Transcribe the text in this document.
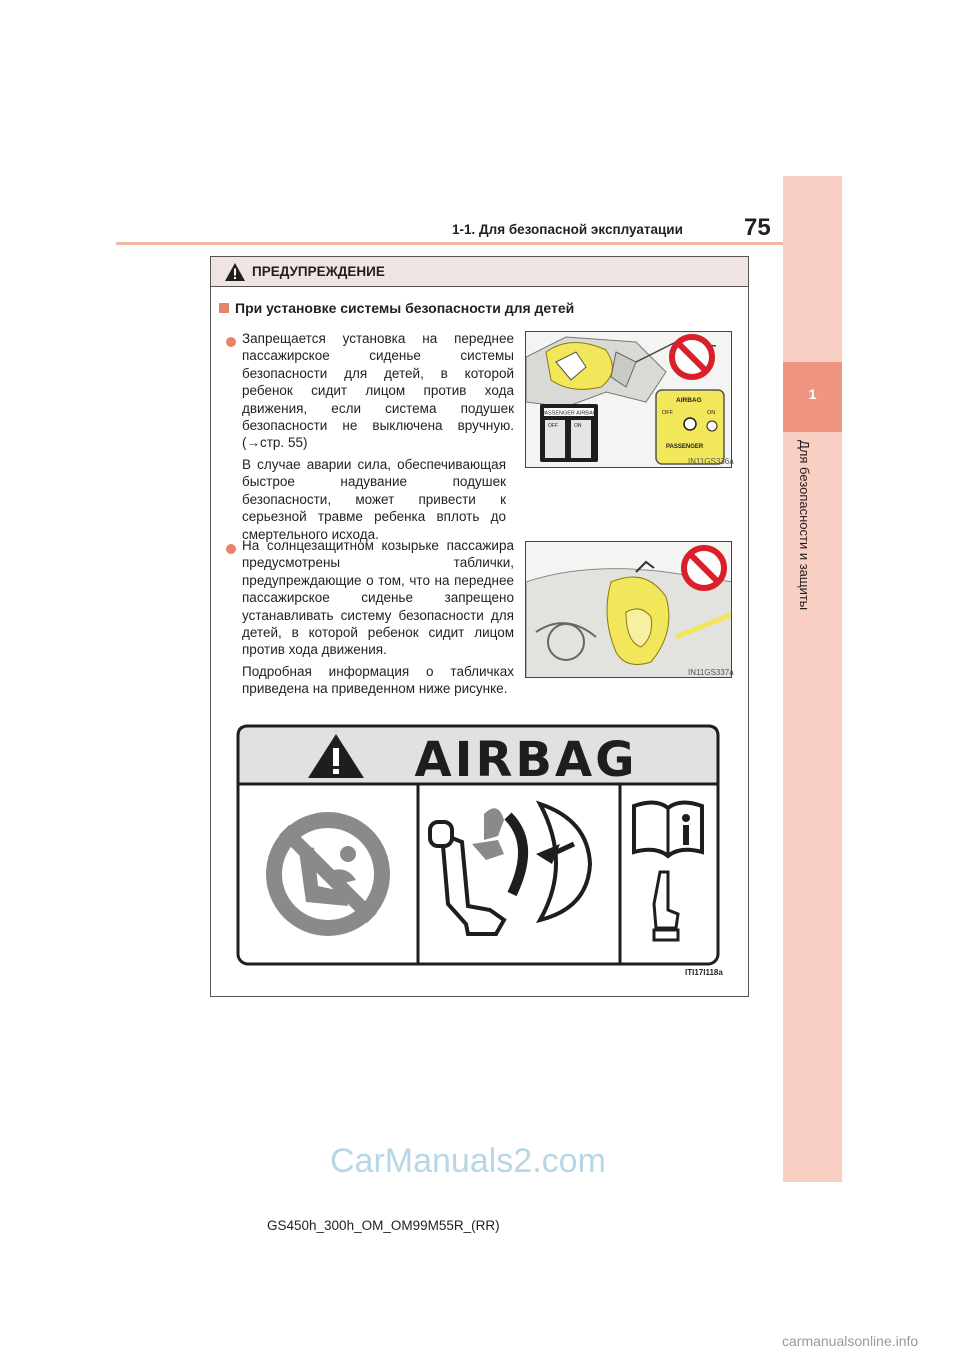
1-1. Для безопасной эксплуатации	75
1
Для безопасности и защиты
ПРЕДУПРЕЖДЕНИЕ
При установке системы безопасности для детей
Запрещается установка на переднее пассажирское сиденье системы безопасности для детей, в которой ребенок сидит лицом против хода движения, если система подушек безопасности не выключена вручную. (→стр. 55)
В случае аварии сила, обеспечивающая быстрое надувание подушек безопасности, может привести к серьезной травме ребенка вплоть до смертельного исхода.
PASSENGER AIRBAG
OFF	ON
AIRBAG
OFF	ON
PASSENGER
IN11GS336a
На солнцезащитном козырьке пассажира предусмотрены таблички, предупреждающие о том, что на переднее пассажирское сиденье запрещено устанавливать систему безопасности для детей, в которой ребенок сидит лицом против хода движения.
Подробная информация о табличках приведена на приведенном ниже рисунке.
IN11GS337a
AIRBAG
ITI17I118a
CarManuals2.com
GS450h_300h_OM_OM99M55R_(RR)
carmanualsonline.info
